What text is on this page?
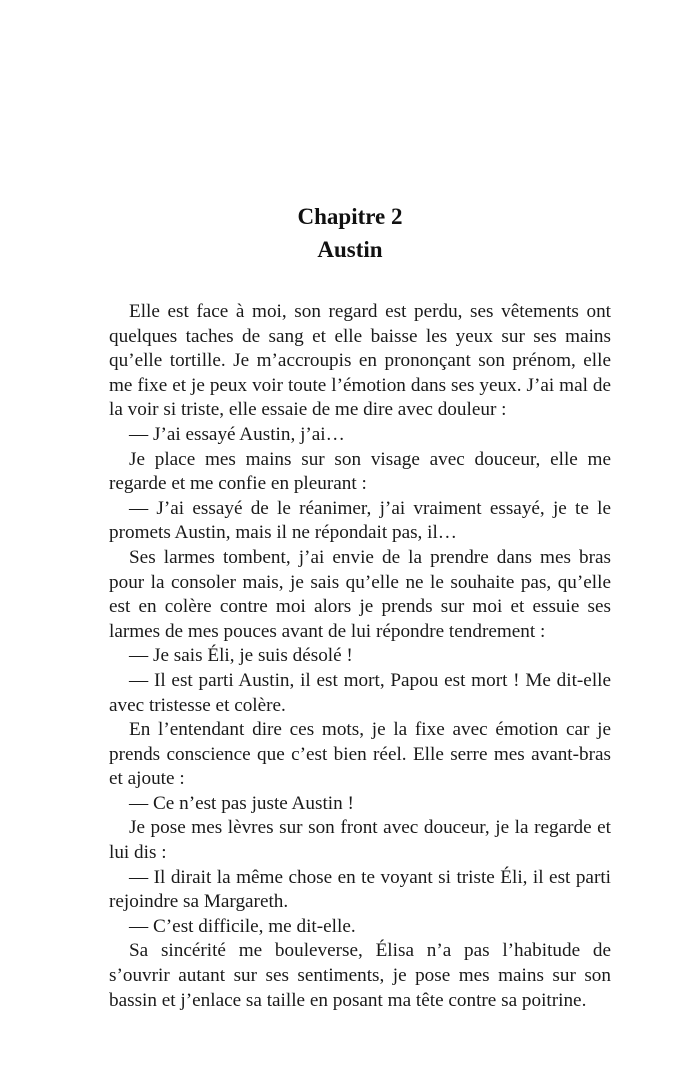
Chapitre 2
Austin

Elle est face à moi, son regard est perdu, ses vêtements ont quelques taches de sang et elle baisse les yeux sur ses mains qu’elle tortille. Je m’accroupis en prononçant son prénom, elle me fixe et je peux voir toute l’émotion dans ses yeux. J’ai mal de la voir si triste, elle essaie de me dire avec douleur :

— J’ai essayé Austin, j’ai…

Je place mes mains sur son visage avec douceur, elle me regarde et me confie en pleurant :

— J’ai essayé de le réanimer, j’ai vraiment essayé, je te le promets Austin, mais il ne répondait pas, il…

Ses larmes tombent, j’ai envie de la prendre dans mes bras pour la consoler mais, je sais qu’elle ne le souhaite pas, qu’elle est en colère contre moi alors je prends sur moi et essuie ses larmes de mes pouces avant de lui répondre tendrement :

— Je sais Éli, je suis désolé !

— Il est parti Austin, il est mort, Papou est mort ! Me dit-elle avec tristesse et colère.

En l’entendant dire ces mots, je la fixe avec émotion car je prends conscience que c’est bien réel. Elle serre mes avant-bras et ajoute :

— Ce n’est pas juste Austin !

Je pose mes lèvres sur son front avec douceur, je la regarde et lui dis :

— Il dirait la même chose en te voyant si triste Éli, il est parti rejoindre sa Margareth.

— C’est difficile, me dit-elle.

Sa sincérité me bouleverse, Élisa n’a pas l’habitude de s’ouvrir autant sur ses sentiments, je pose mes mains sur son bassin et j’enlace sa taille en posant ma tête contre sa poitrine.
